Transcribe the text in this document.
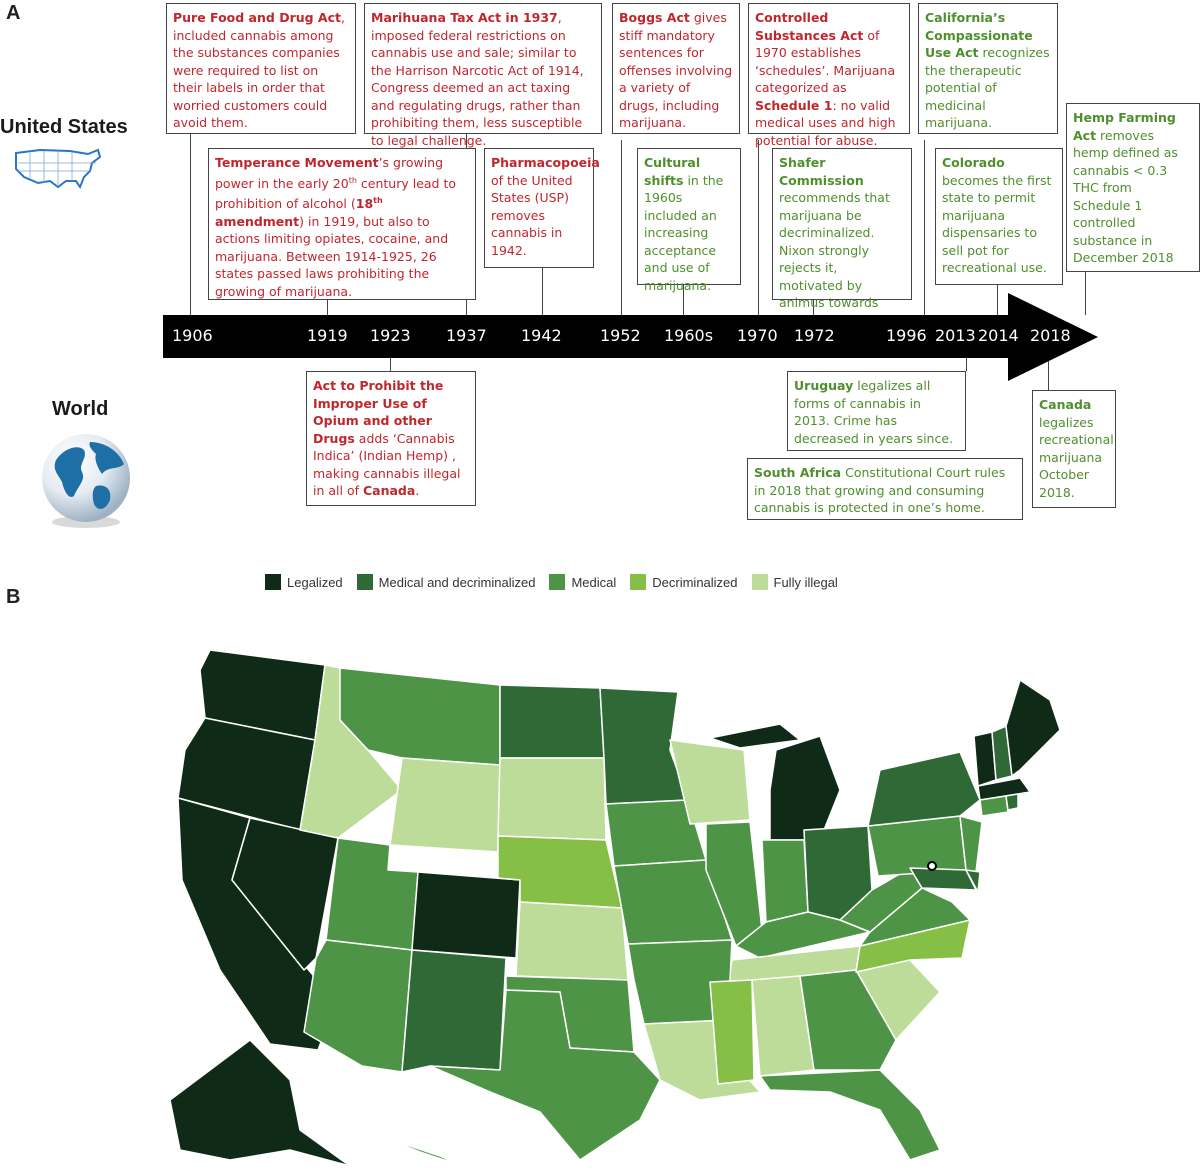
A
United States
World
Pure Food and Drug Act, included cannabis among the substances companies were required to list on their labels in order that worried customers could avoid them.
Marihuana Tax Act in 1937, imposed federal restrictions on cannabis use and sale; similar to the Harrison Narcotic Act of 1914, Congress deemed an act taxing and regulating drugs, rather than prohibiting them, less susceptible to legal challenge.
Boggs Act gives stiff mandatory sentences for offenses involving a variety of drugs, including marijuana.
Controlled Substances Act of 1970 establishes ‘schedules’. Marijuana categorized as Schedule 1: no valid medical uses and high potential for abuse.
California’s Compassionate Use Act recognizes the therapeutic potential of medicinal marijuana.
Temperance Movement’s growing power in the early 20th century lead to prohibition of alcohol (18th amendment) in 1919, but also to actions limiting opiates, cocaine, and marijuana. Between 1914-1925, 26 states passed laws prohibiting the growing of marijuana.
Pharmacopoeia of the United States (USP) removes cannabis in 1942.
Cultural shifts in the 1960s included an increasing acceptance and use of marijuana.
Shafer Commission recommends that marijuana be decriminalized. Nixon strongly rejects it, motivated by animus towards
Colorado becomes the first state to permit marijuana dispensaries to sell pot for recreational use.
Hemp Farming Act removes hemp defined as cannabis < 0.3 THC from Schedule 1 controlled substance in December 2018
1906	1919 1923 1937 1942 1952 1960s 1970 1972	1996 2013 2014 2018
Act to Prohibit the Improper Use of Opium and other Drugs adds ‘Cannabis Indica’ (Indian Hemp) , making cannabis illegal in all of Canada.
Uruguay legalizes all forms of cannabis in 2013. Crime has decreased in years since.
South Africa Constitutional Court rules in 2018 that growing and consuming cannabis is protected in one’s home.
Canada legalizes recreational marijuana October 2018.
B
Legalized	Medical and decriminalized	Medical	Decriminalized	Fully illegal
